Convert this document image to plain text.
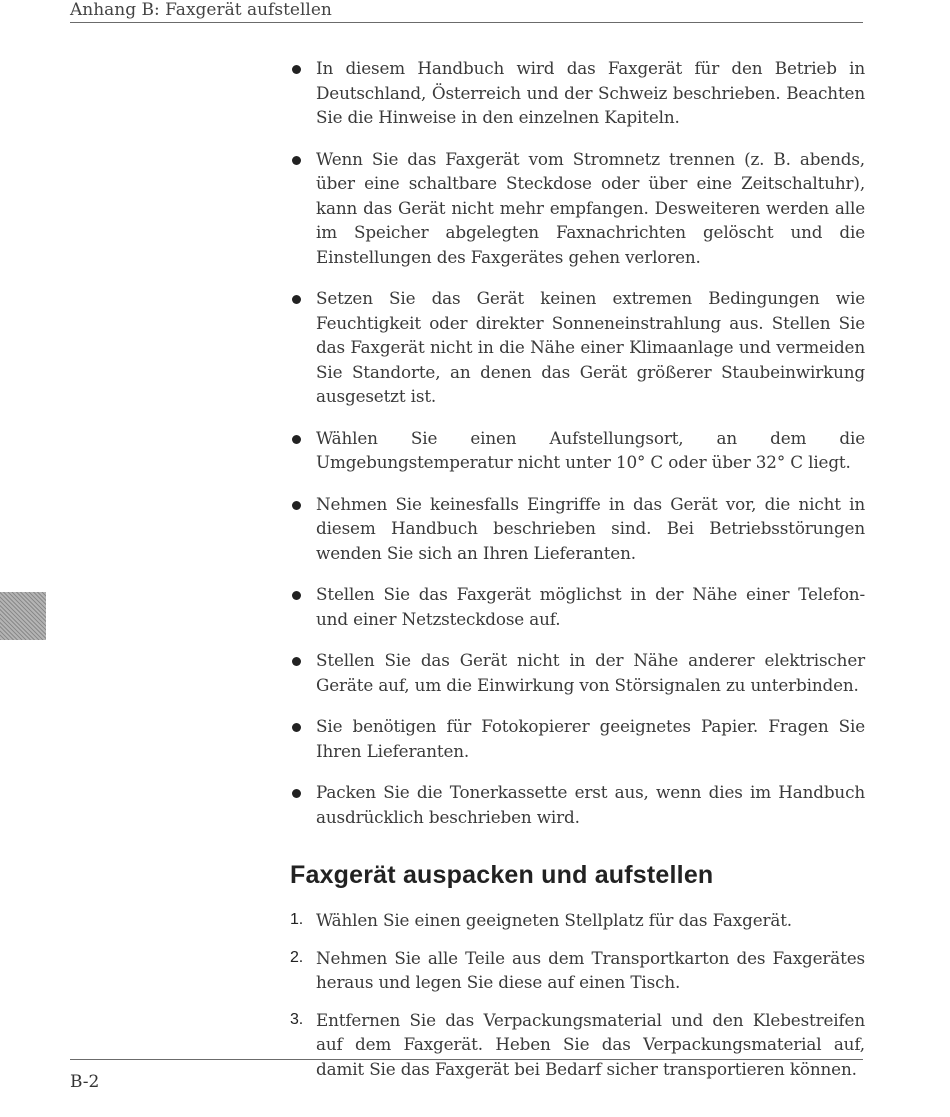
Anhang B: Faxgerät aufstellen
In diesem Handbuch wird das Faxgerät für den Betrieb in Deutschland, Österreich und der Schweiz beschrieben. Beachten Sie die Hinweise in den einzelnen Kapiteln.
Wenn Sie das Faxgerät vom Stromnetz trennen (z. B. abends, über eine schaltbare Steckdose oder über eine Zeitschaltuhr), kann das Gerät nicht mehr empfangen. Desweiteren werden alle im Speicher abgelegten Faxnachrichten gelöscht und die Einstellungen des Faxgerätes gehen verloren.
Setzen Sie das Gerät keinen extremen Bedingungen wie Feuchtigkeit oder direkter Sonneneinstrahlung aus. Stellen Sie das Faxgerät nicht in die Nähe einer Klimaanlage und vermeiden Sie Standorte, an denen das Gerät größerer Staubeinwirkung ausgesetzt ist.
Wählen Sie einen Aufstellungsort, an dem die Umgebungstemperatur nicht unter 10° C oder über 32° C liegt.
Nehmen Sie keinesfalls Eingriffe in das Gerät vor, die nicht in diesem Handbuch beschrieben sind. Bei Betriebsstörungen wenden Sie sich an Ihren Lieferanten.
Stellen Sie das Faxgerät möglichst in der Nähe einer Telefon- und einer Netzsteckdose auf.
Stellen Sie das Gerät nicht in der Nähe anderer elektrischer Geräte auf, um die Einwirkung von Störsignalen zu unterbinden.
Sie benötigen für Fotokopierer geeignetes Papier. Fragen Sie Ihren Lieferanten.
Packen Sie die Tonerkassette erst aus, wenn dies im Handbuch ausdrücklich beschrieben wird.
Faxgerät auspacken und aufstellen
1. Wählen Sie einen geeigneten Stellplatz für das Faxgerät.
2. Nehmen Sie alle Teile aus dem Transportkarton des Faxgerätes heraus und legen Sie diese auf einen Tisch.
3. Entfernen Sie das Verpackungsmaterial und den Klebestreifen auf dem Faxgerät. Heben Sie das Verpackungsmaterial auf, damit Sie das Faxgerät bei Bedarf sicher transportieren können.
B-2
